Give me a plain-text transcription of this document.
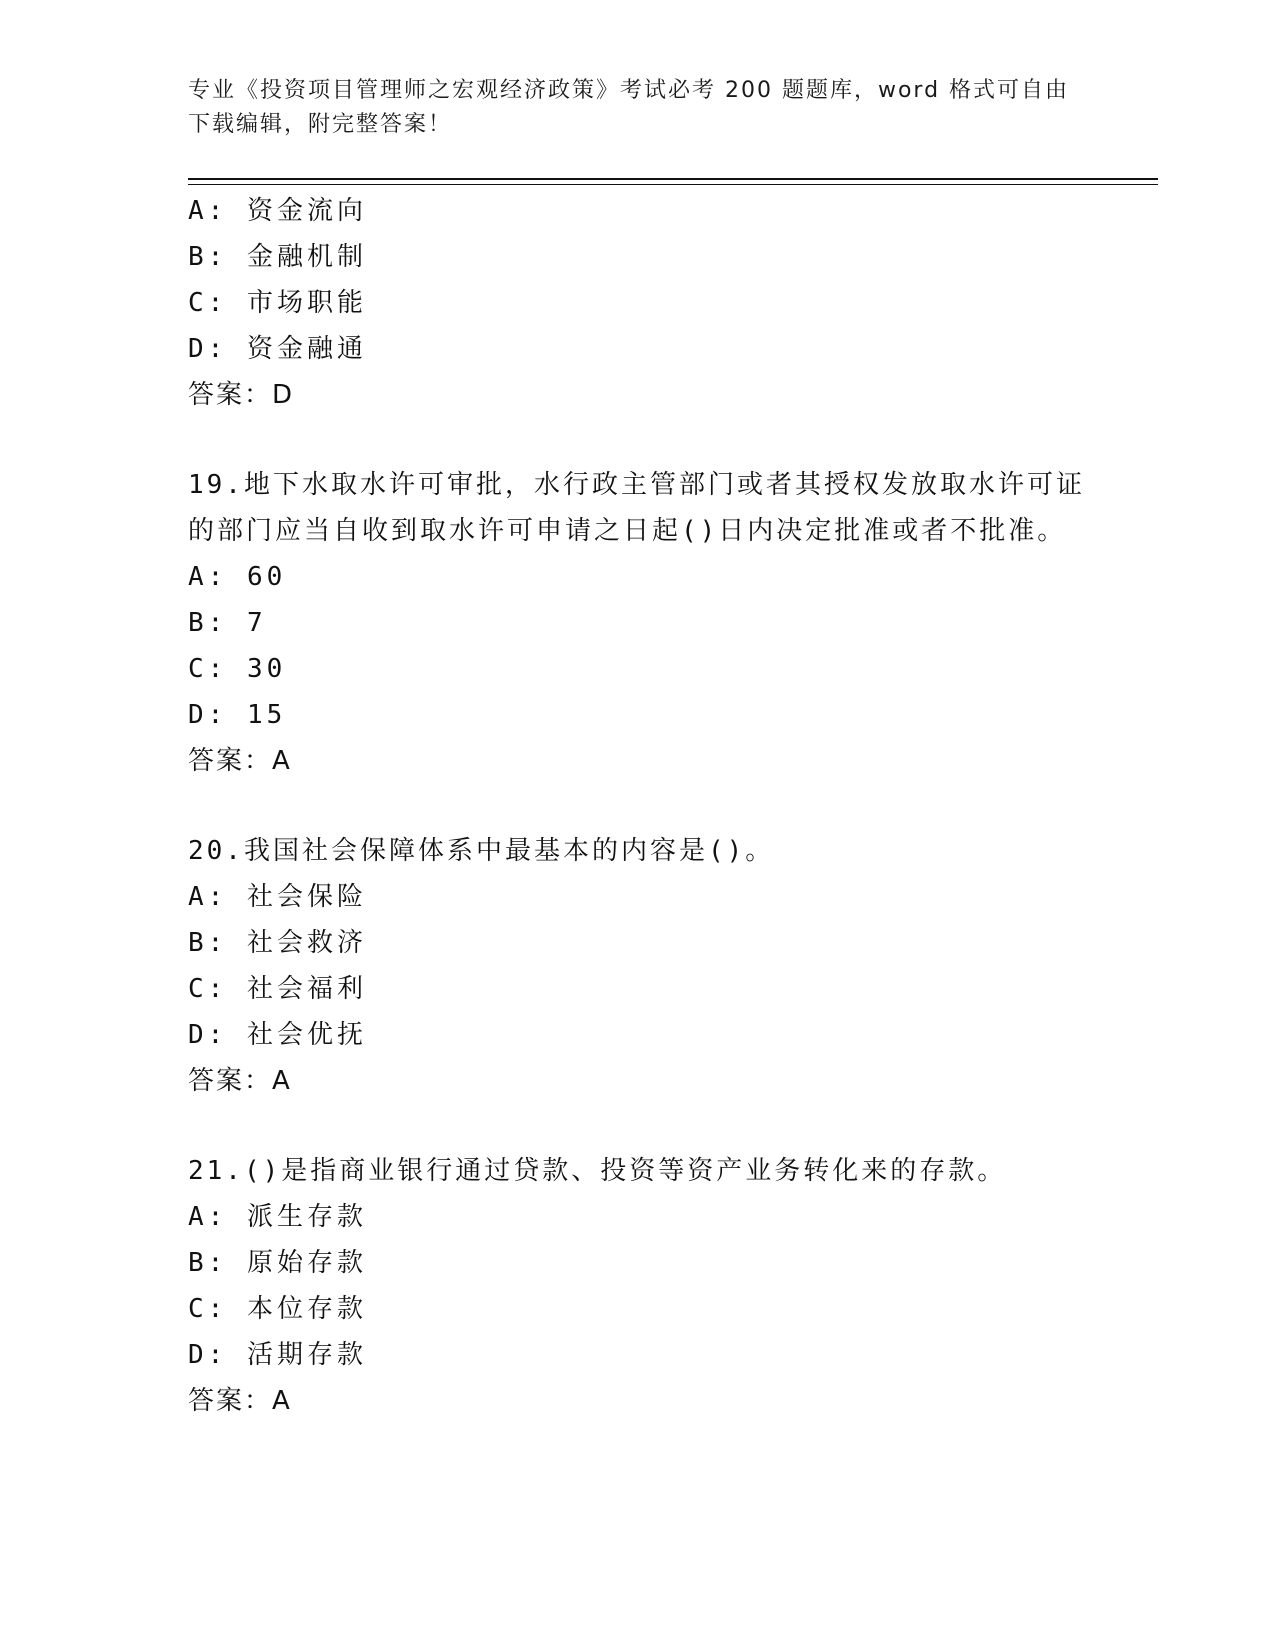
专业《投资项目管理师之宏观经济政策》考试必考 200 题题库，word 格式可自由
下载编辑，附完整答案！
A: 资金流向
B: 金融机制
C: 市场职能
D: 资金融通
答案：D
19.地下水取水许可审批，水行政主管部门或者其授权发放取水许可证
的部门应当自收到取水许可申请之日起()日内决定批准或者不批准。
A: 60
B: 7
C: 30
D: 15
答案：A
20.我国社会保障体系中最基本的内容是()。
A: 社会保险
B: 社会救济
C: 社会福利
D: 社会优抚
答案：A
21.()是指商业银行通过贷款、投资等资产业务转化来的存款。
A: 派生存款
B: 原始存款
C: 本位存款
D: 活期存款
答案：A
